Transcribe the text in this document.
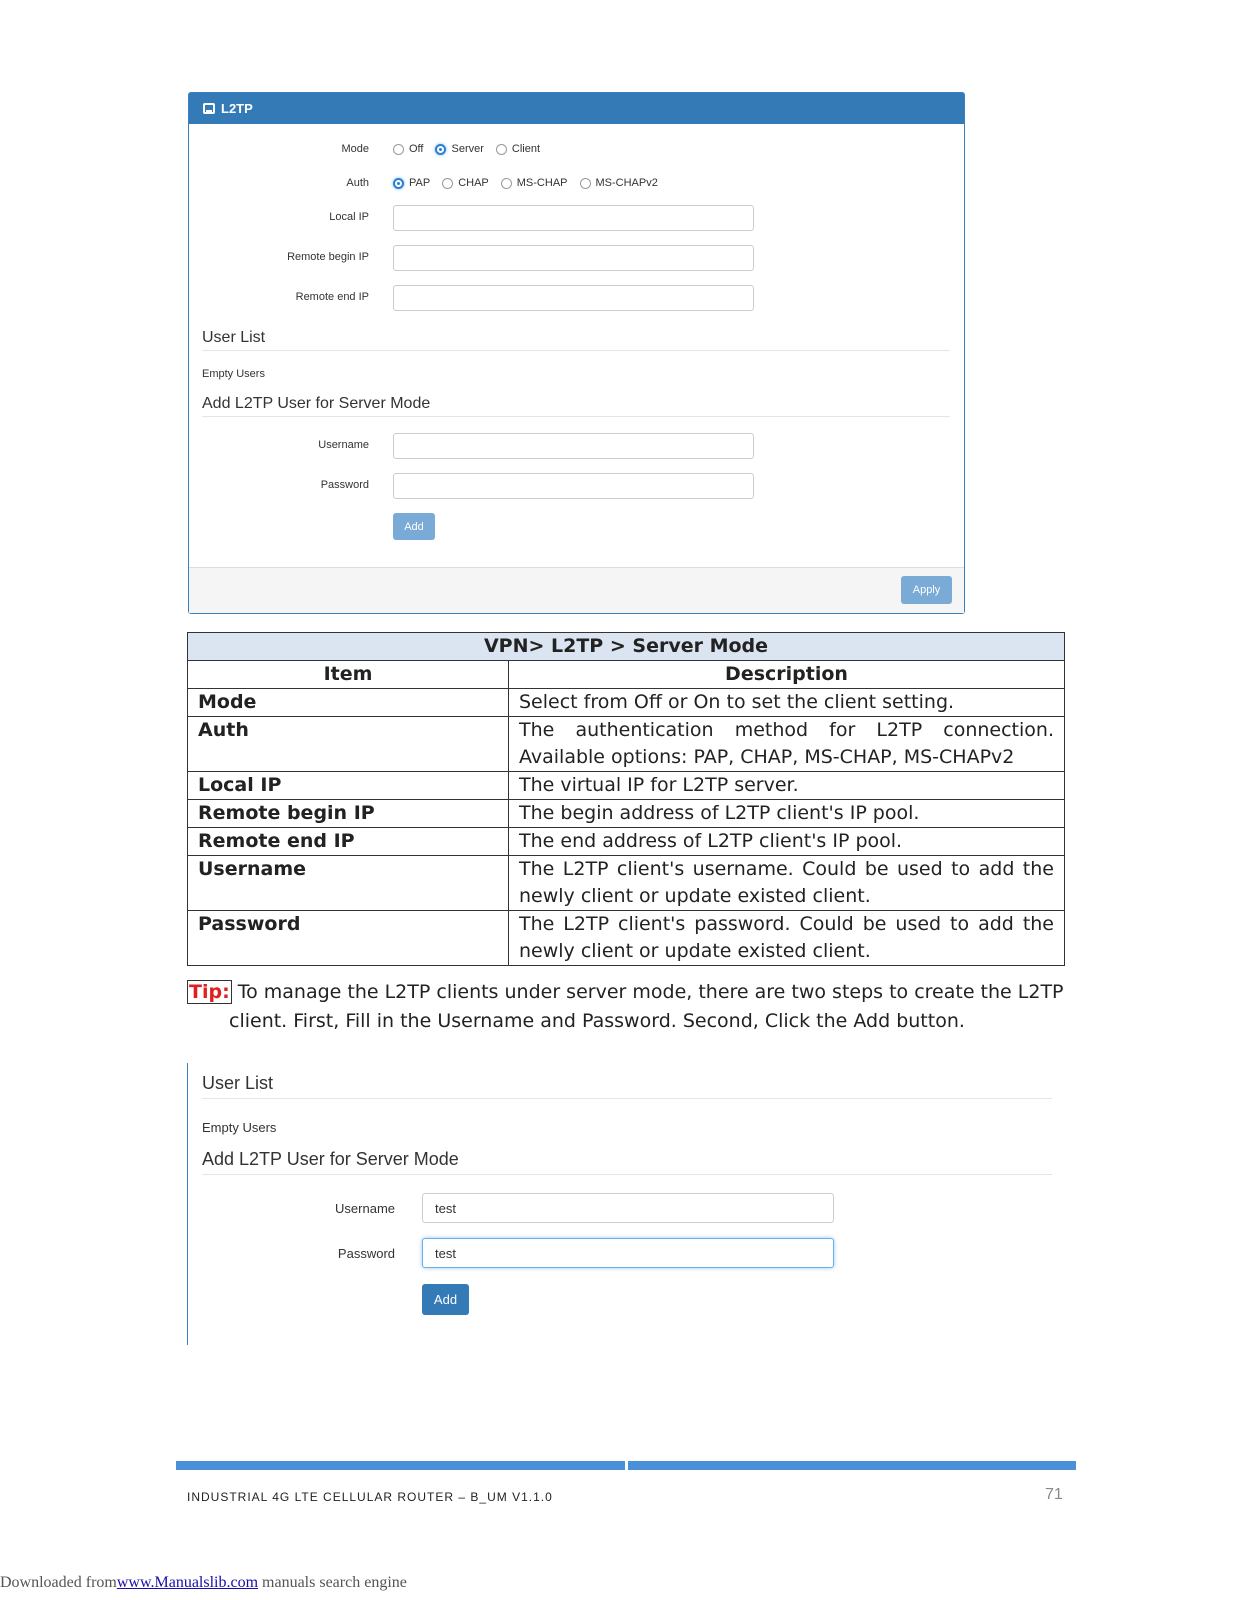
L2TP
Mode	Off	Server	Client
Auth	PAP	CHAP	MS-CHAP	MS-CHAPv2
Local IP
Remote begin IP
Remote end IP
User List
Empty Users
Add L2TP User for Server Mode
Username
Password
Add
Apply
VPN> L2TP > Server Mode	
Item	Description
Mode	Select from Off or On to set the client setting.
Auth	The authentication method for L2TP connection. Available options: PAP, CHAP, MS-CHAP, MS-CHAPv2
Local IP	The virtual IP for L2TP server.
Remote begin IP	The begin address of L2TP client's IP pool.
Remote end IP	The end address of L2TP client's IP pool.
Username	The L2TP client's username. Could be used to add the newly client or update existed client.
Password	The L2TP client's password. Could be used to add the newly client or update existed client.
Tip: To manage the L2TP clients under server mode, there are two steps to create the L2TP
client. First, Fill in the Username and Password. Second, Click the Add button.
User List
Empty Users
Add L2TP User for Server Mode
Username	test
Password	test
Add
INDUSTRIAL 4G LTE CELLULAR ROUTER – B_UM V1.1.0	71
Downloaded fromwww.Manualslib.com manuals search engine
